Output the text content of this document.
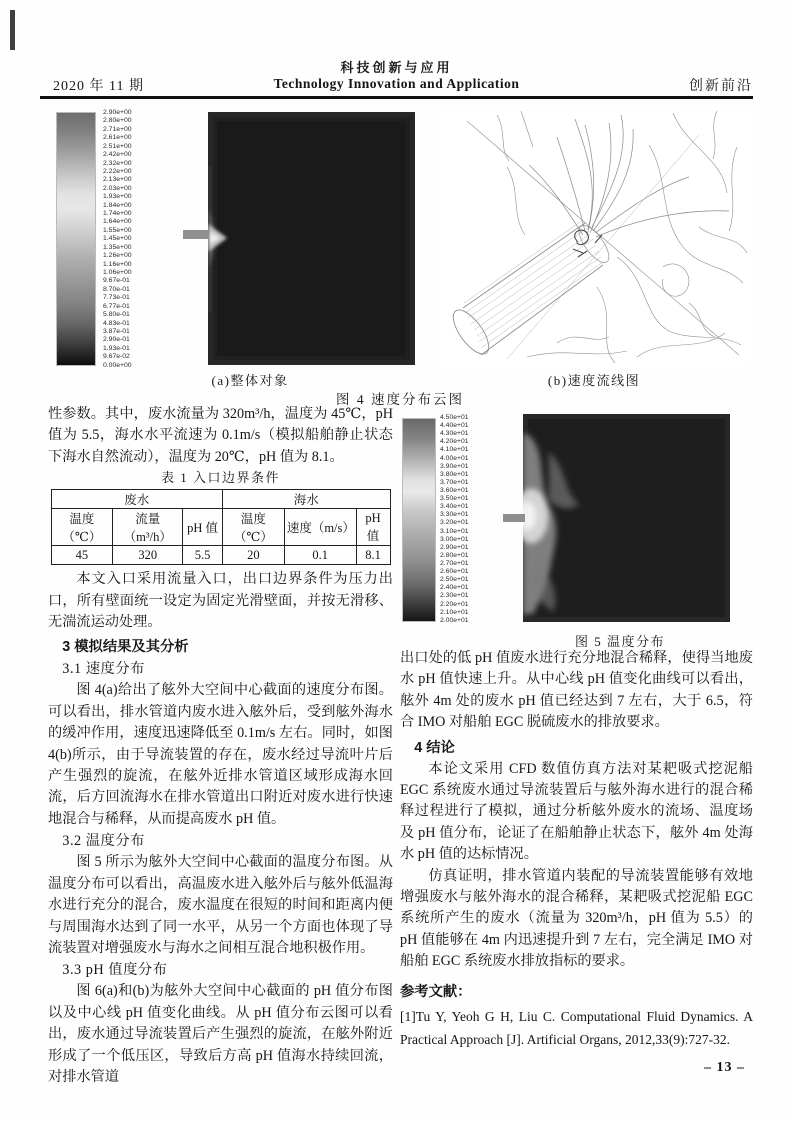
2020 年 11 期
科技创新与应用
Technology Innovation and Application	创新前沿
2.90e+00
2.80e+00
2.71e+00
2.61e+00
2.51e+00
2.42e+00
2.32e+00
2.22e+00
2.13e+00
2.03e+00
1.93e+00
1.84e+00
1.74e+00
1.64e+00
1.55e+00
1.45e+00
1.35e+00
1.26e+00
1.16e+00
1.06e+00
9.67e-01
8.70e-01
7.73e-01
6.77e-01
5.80e-01
4.83e-01
3.87e-01
2.90e-01
1.93e-01
9.67e-02
0.00e+00
(a)整体对象	(b)速度流线图
图 4 速度分布云图

性参数。其中，废水流量为 320m³/h，温度为 45℃，pH 值为 5.5，海水水平流速为 0.1m/s（模拟船舶静止状态下海水自然流动），温度为 20℃，pH 值为 8.1。

表 1 入口边界条件
废水			海水		
温度（℃）	流量（m³/h）	pH 值	温度（℃）	速度（m/s）	pH 值
45	320	5.5	20	0.1	8.1

本文入口采用流量入口，出口边界条件为压力出口，所有壁面统一设定为固定光滑壁面，并按无滑移、无湍流运动处理。

3 模拟结果及其分析

3.1 速度分布

图 4(a)给出了舷外大空间中心截面的速度分布图。可以看出，排水管道内废水进入舷外后，受到舷外海水的缓冲作用，速度迅速降低至 0.1m/s 左右。同时，如图 4(b)所示，由于导流装置的存在，废水经过导流叶片后产生强烈的旋流，在舷外近排水管道区域形成海水回流，后方回流海水在排水管道出口附近对废水进行快速地混合与稀释，从而提高废水 pH 值。

3.2 温度分布

图 5 所示为舷外大空间中心截面的温度分布图。从温度分布可以看出，高温废水进入舷外后与舷外低温海水进行充分的混合，废水温度在很短的时间和距离内便与周围海水达到了同一水平，从另一个方面也体现了导流装置对增强废水与海水之间相互混合地积极作用。

3.3 pH 值度分布

图 6(a)和(b)为舷外大空间中心截面的 pH 值分布图以及中心线 pH 值变化曲线。从 pH 值分布云图可以看出，废水通过导流装置后产生强烈的旋流，在舷外附近形成了一个低压区，导致后方高 pH 值海水持续回流，对排水管道

4.50e+01
4.40e+01
4.30e+01
4.20e+01
4.10e+01
4.00e+01
3.90e+01
3.80e+01
3.70e+01
3.60e+01
3.50e+01
3.40e+01
3.30e+01
3.20e+01
3.10e+01
3.00e+01
2.90e+01
2.80e+01
2.70e+01
2.60e+01
2.50e+01
2.40e+01
2.30e+01
2.20e+01
2.10e+01
2.00e+01
图 5 温度分布

出口处的低 pH 值废水进行充分地混合稀释，使得当地废水 pH 值快速上升。从中心线 pH 值变化曲线可以看出，舷外 4m 处的废水 pH 值已经达到 7 左右，大于 6.5，符合 IMO 对船舶 EGC 脱硫废水的排放要求。

4 结论

本论文采用 CFD 数值仿真方法对某耙吸式挖泥船 EGC 系统废水通过导流装置后与舷外海水进行的混合稀释过程进行了模拟，通过分析舷外废水的流场、温度场及 pH 值分布，论证了在船舶静止状态下，舷外 4m 处海水 pH 值的达标情况。

仿真证明，排水管道内装配的导流装置能够有效地增强废水与舷外海水的混合稀释，某耙吸式挖泥船 EGC 系统所产生的废水（流量为 320m³/h，pH 值为 5.5）的 pH 值能够在 4m 内迅速提升到 7 左右，完全满足 IMO 对船舶 EGC 系统废水排放指标的要求。

参考文献：

[1]Tu Y, Yeoh G H, Liu C. Computational Fluid Dynamics. A Practical Approach [J]. Artificial Organs, 2012,33(9):727-32.

– 13 –
